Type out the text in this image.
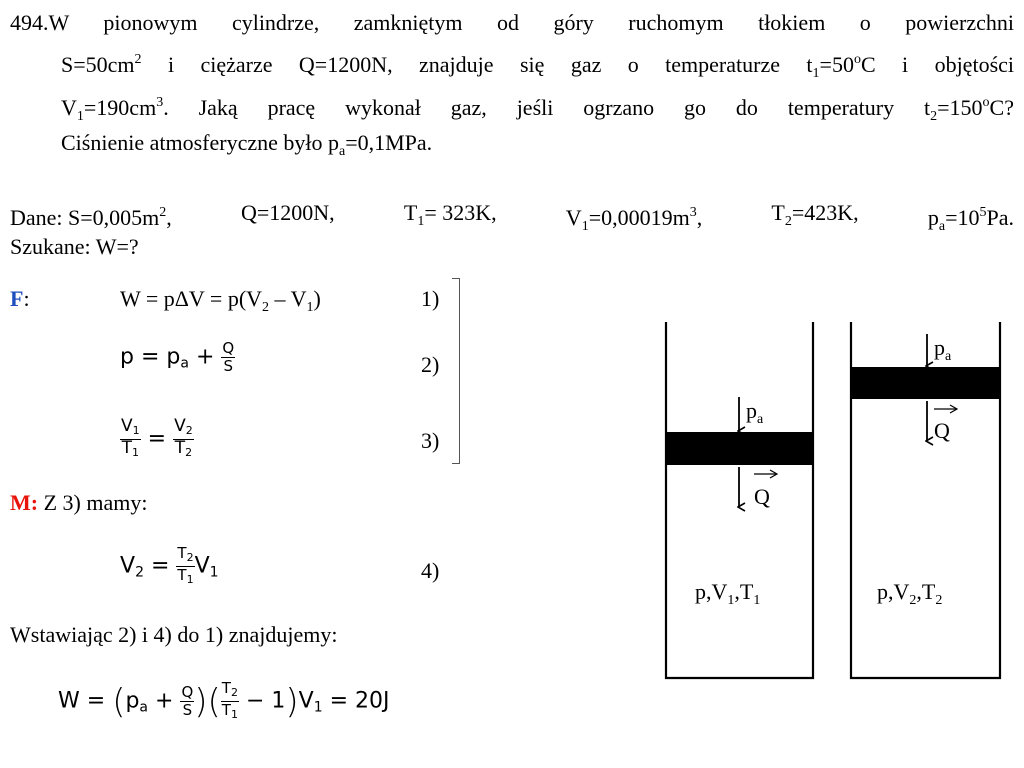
494.W pionowym cylindrze, zamkniętym od góry ruchomym tłokiem o powierzchni
$S=50cm^2$ i ciężarze Q=1200N, znajduje się gaz o temperaturze $t_1=50^oC$ i objętości
$V_1=190cm^3$. Jaką pracę wykonał gaz, jeśli ogrzano go do temperatury $t_2=150^oC$?
Ciśnienie atmosferyczne było $p_a=0,1MPa$.
Dane: $S=0,005m^2$,	Q=1200N,	$T_1= 323K$,	$V_1=0,00019m^3$,	$T_2=423K$,	$p_a=10^5Pa$.
Szukane: W=?
F:	$W = p\Delta V = p(V_2 - V_1)$	1)
p = pa + $\frac{Q}{S}$	2)
$\frac{V1}{T1} = \frac{V2}{T2}$	3)
M: Z 3) mamy:
$V2 = \frac{T_2}{T_1} V1$	4)
Wstawiając 2) i 4) do 1) znajdujemy:
$W = (pa + \frac{Q}{S}$ )( $\frac{T_2}{T_1} - 1)V1 = 20J$
$p_a$
Q
$p,V_1,T_1$
$p_a$
Q
$p,V_2,T_2$
